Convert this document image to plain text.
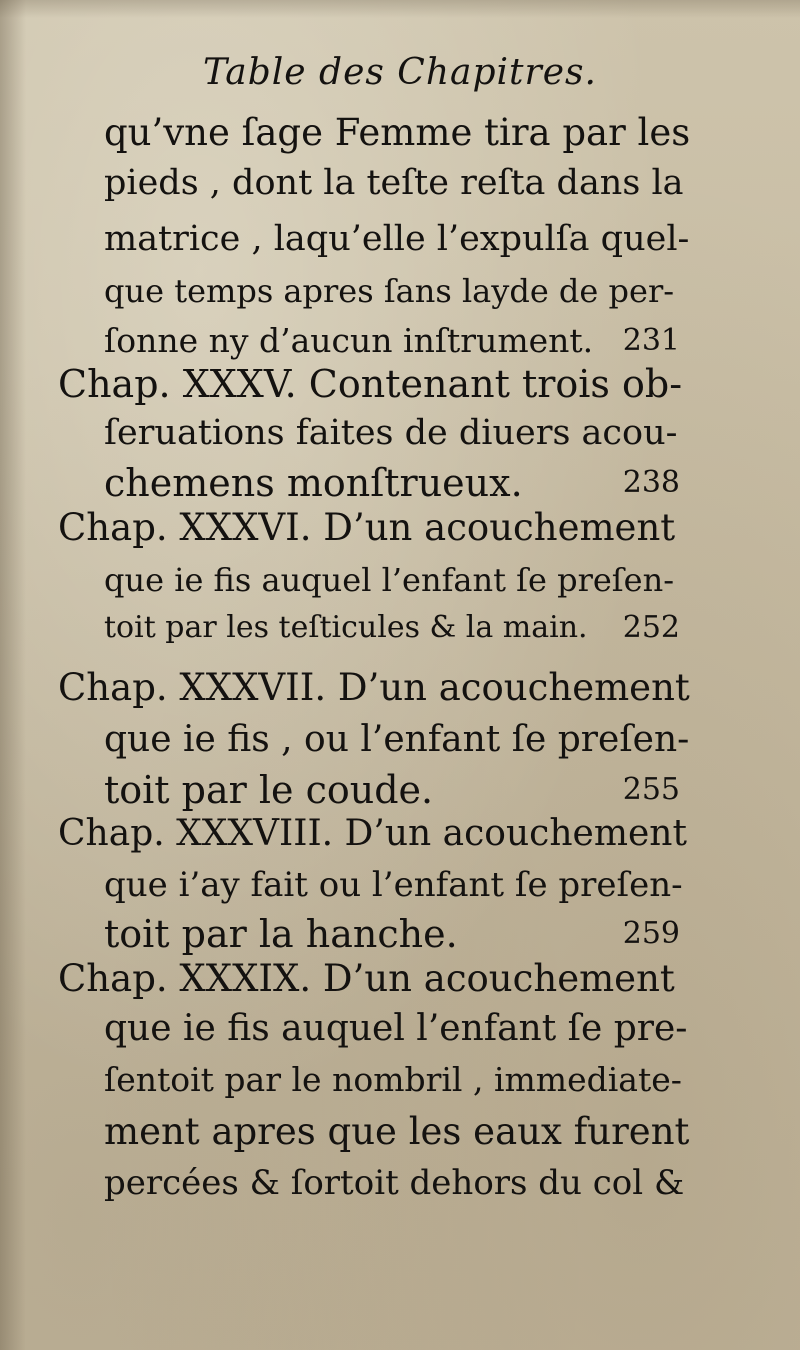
Table des Chapitres.
qu’vne ſage Femme tira par les
pieds , dont la teſte reſta dans la
matrice , laqu’elle l’expulſa quel-
que temps apres ſans layde de per-
ſonne ny d’aucun inſtrument. 231
Chap. XXXV. Contenant trois ob-
ſeruations faites de diuers acou-
chemens monſtrueux.	238
Chap. XXXVI. D’un acouchement
que ie fis auquel l’enfant ſe preſen-
toit par les teſticules & la main. 252
Chap. XXXVII. D’un acouchement
que ie fis , ou l’enfant ſe preſen-
toit par le coude.	255
Chap. XXXVIII. D’un acouchement
que i’ay fait ou l’enfant ſe preſen-
toit par la hanche.	259
Chap. XXXIX. D’un acouchement
que ie fis auquel l’enfant ſe pre-
ſentoit par le nombril , immediate-
ment apres que les eaux furent
percées & ſortoit dehors du col &
